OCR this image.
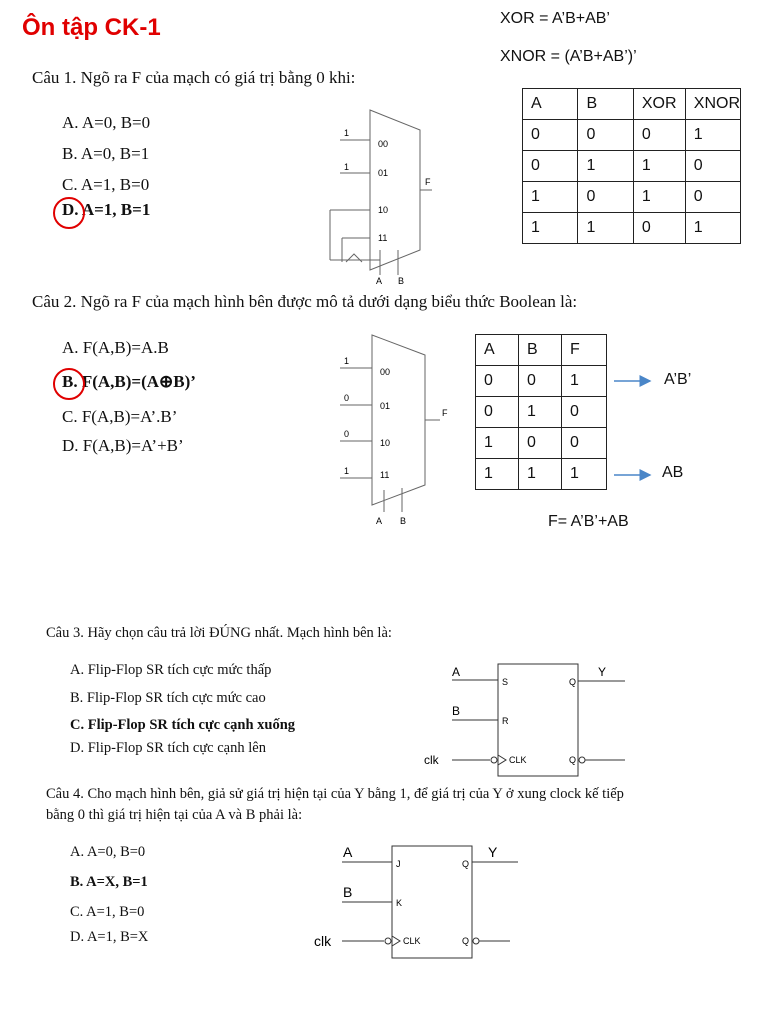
Ôn tập CK-1	XOR = A’B+AB’
XNOR = (A’B+AB’)’
A	B	XOR	XNOR
0	0	0	1
0	1	1	0
1	0	1	0
1	1	0	1
Câu 1. Ngõ ra F của mạch có giá trị bằng 0 khi:
A. A=0, B=0
B. A=0, B=1
C. A=1, B=0
D. A=1, B=1
Câu 2. Ngõ ra F của mạch hình bên được mô tả dưới dạng biểu thức Boolean là:
A. F(A,B)=A.B
B. F(A,B)=(A⊕B)’
C. F(A,B)=A’.B’
D. F(A,B)=A’+B’
A	B	F
0	0	1
0	1	0
1	0	0
1	1	1
A’B’
AB
F= A’B’+AB
Câu 3. Hãy chọn câu trả lời ĐÚNG nhất. Mạch hình bên là:
A. Flip-Flop SR tích cực mức thấp
B. Flip-Flop SR tích cực mức cao
C. Flip-Flop SR tích cực cạnh xuống
D. Flip-Flop SR tích cực cạnh lên
Câu 4. Cho mạch hình bên, giả sử giá trị hiện tại của Y bằng 1, để giá trị của Y ở xung clock kế tiếp
bằng 0 thì giá trị hiện tại của A và B phải là:
A. A=0, B=0
B. A=X, B=1
C. A=1, B=0
D. A=1, B=X
1
1
00
01
10
11
F
A B
1
0
0
1
00
01
10
11
F
A B
A
B
clk
Y
S
R
CLK
Q
Q
A
B
clk
Y
J
K
CLK
Q
Q
